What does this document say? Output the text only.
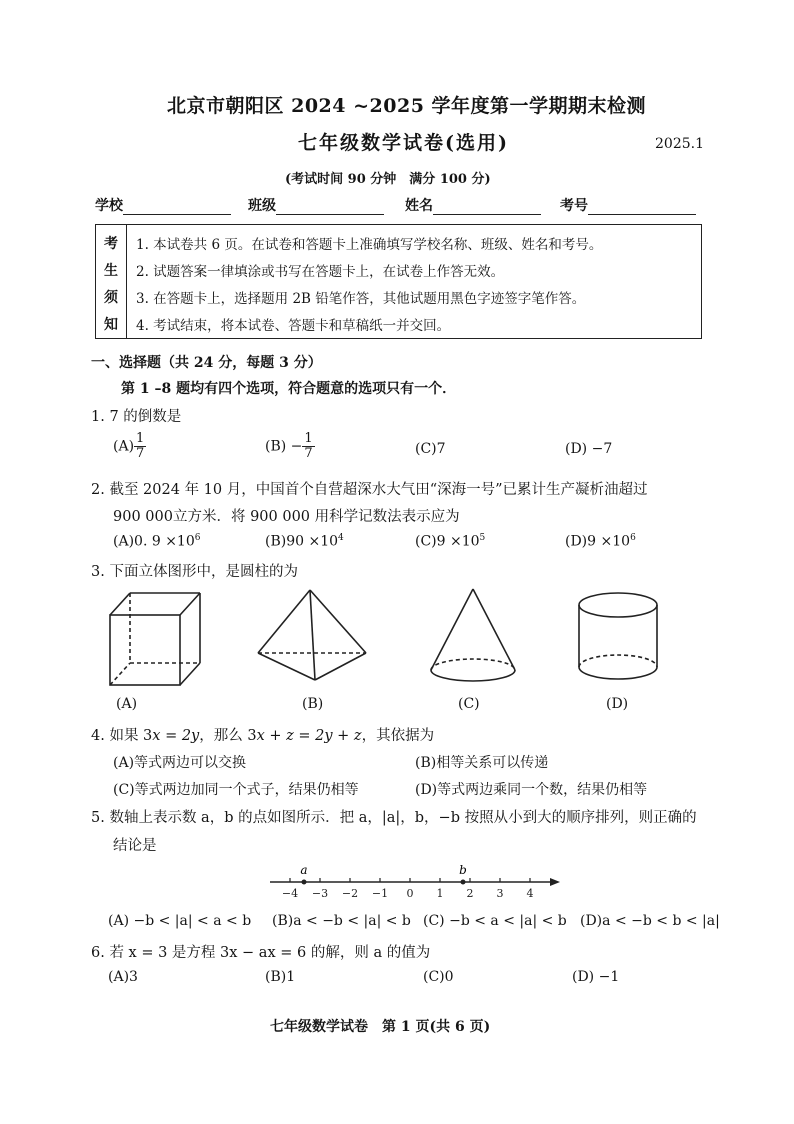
北京市朝阳区 2024 ~2025 学年度第一学期期末检测
七年级数学试卷(选用)	2025.1
(考试时间 90 分钟　满分 100 分)
学校	班级	姓名	考号
考
生
须
知
1. 本试卷共 6 页。在试卷和答题卡上准确填写学校名称、班级、姓名和考号。
2. 试题答案一律填涂或书写在答题卡上，在试卷上作答无效。
3. 在答题卡上，选择题用 2B 铅笔作答，其他试题用黑色字迹签字笔作答。
4. 考试结束，将本试卷、答题卡和草稿纸一并交回。
一、选择题（共 24 分，每题 3 分）
第 1 –8 题均有四个选项，符合题意的选项只有一个．
1. 7 的倒数是
$(A) \frac{1}{7}$	$(B) - \frac{1}{7}$	(C)7	(D) −7
2. 截至 2024 年 10 月，中国首个自营超深水大气田“深海一号”已累计生产凝析油超过
900 000立方米．将 900 000 用科学记数法表示应为
(A)0. $9 \times 10^6$	$(B)90 \times 10^4$	$(C)9 \times 10^5$	$(D)9 \times 10^6$
3. 下面立体图形中，是圆柱的为
(A)	(B)	(C)	(D)
4. 如果 3x = 2y，那么 3x + z = 2y + z，其依据为
(A)等式两边可以交换	(B)相等关系可以传递
(C)等式两边加同一个式子，结果仍相等	(D)等式两边乘同一个数，结果仍相等
5. 数轴上表示数 a，b 的点如图所示．把 a，|a|，b，−b 按照从小到大的顺序排列，则正确的
结论是
−4 −3 −2 −1 0 1 2 3 4
a	b
(A) −b < |a| < a < b (B)a < −b < |a| < b (C) −b < a < |a| < b (D)a < −b < b < |a|
6. 若 x = 3 是方程 3x − ax = 6 的解，则 a 的值为
(A)3	(B)1	(C)0	(D) −1
七年级数学试卷　第 1 页(共 6 页)
